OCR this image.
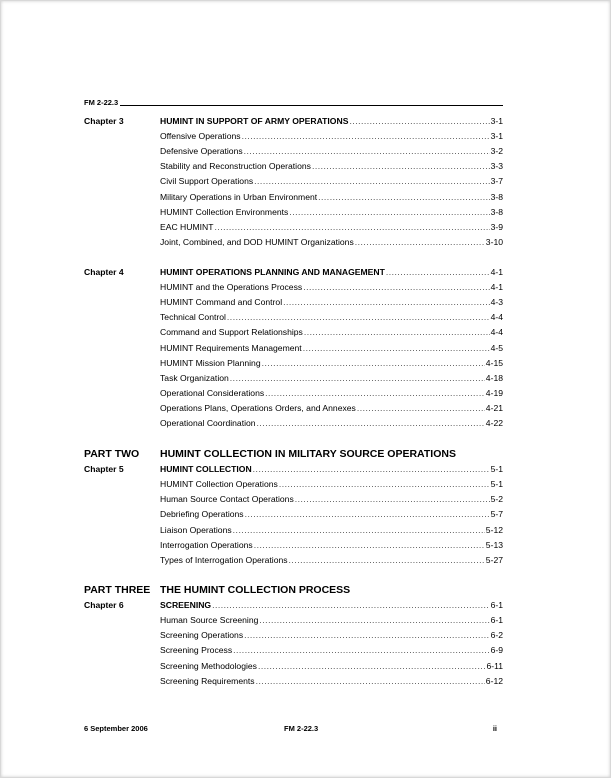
FM 2-22.3
Chapter 3	HUMINT IN SUPPORT OF ARMY OPERATIONS .....	3-1
Offensive Operations .....	3-1
Defensive Operations .....	3-2
Stability and Reconstruction Operations .....	3-3
Civil Support Operations .....	3-7
Military Operations in Urban Environment .....	3-8
HUMINT Collection Environments .....	3-8
EAC HUMINT .....	3-9
Joint, Combined, and DOD HUMINT Organizations .....	3-10
Chapter 4	HUMINT OPERATIONS PLANNING AND MANAGEMENT .....	4-1
HUMINT and the Operations Process .....	4-1
HUMINT Command and Control .....	4-3
Technical Control .....	4-4
Command and Support Relationships .....	4-4
HUMINT Requirements Management .....	4-5
HUMINT Mission Planning .....	4-15
Task Organization .....	4-18
Operational Considerations .....	4-19
Operations Plans, Operations Orders, and Annexes .....	4-21
Operational Coordination .....	4-22
PART TWO	HUMINT COLLECTION IN MILITARY SOURCE OPERATIONS
Chapter 5	HUMINT COLLECTION .....	5-1
HUMINT Collection Operations .....	5-1
Human Source Contact Operations .....	5-2
Debriefing Operations .....	5-7
Liaison Operations .....	5-12
Interrogation Operations .....	5-13
Types of Interrogation Operations .....	5-27
PART THREE THE HUMINT COLLECTION PROCESS
Chapter 6	SCREENING .....	6-1
Human Source Screening .....	6-1
Screening Operations .....	6-2
Screening Process .....	6-9
Screening Methodologies .....	6-11
Screening Requirements .....	6-12
6 September 2006	FM 2-22.3	ii
